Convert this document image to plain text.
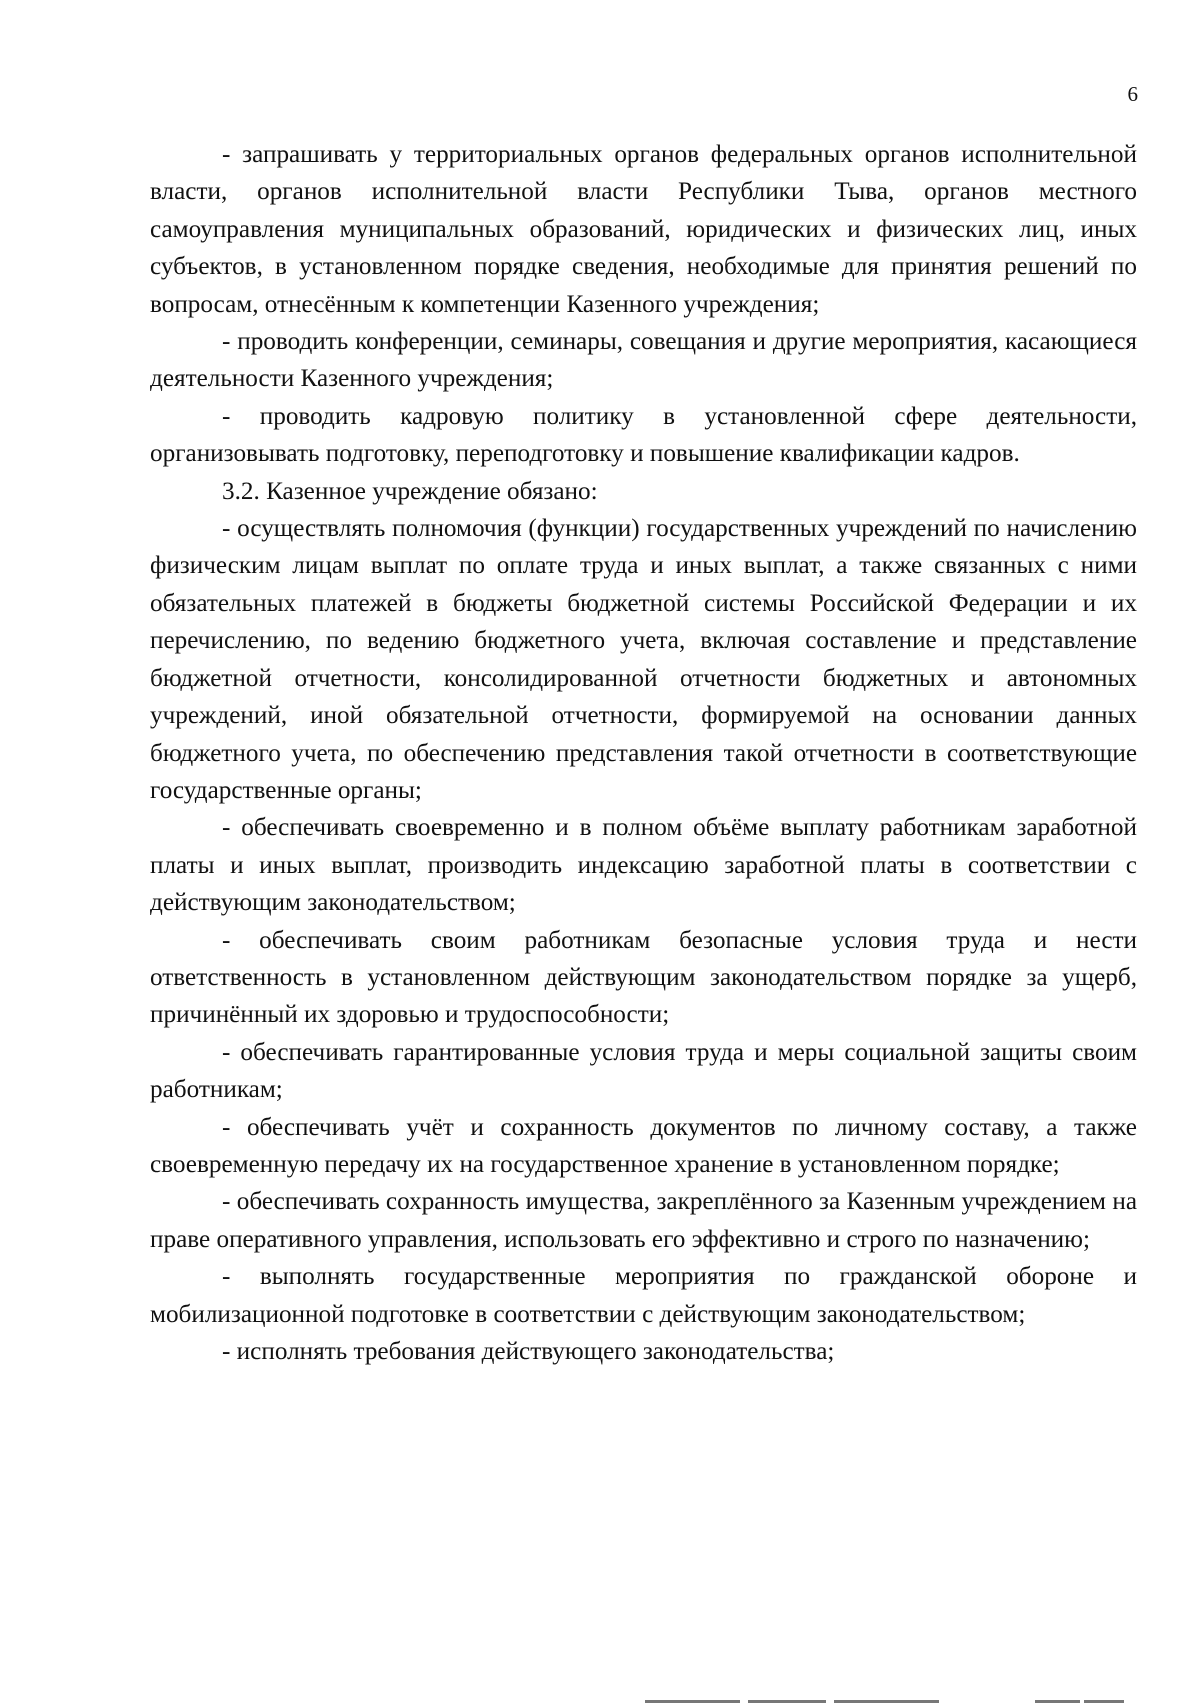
6

- запрашивать у территориальных органов федеральных органов исполнительной власти, органов исполнительной власти Республики Тыва, органов местного самоуправления муниципальных образований, юридических и физических лиц, иных субъектов, в установленном порядке сведения, необходимые для принятия решений по вопросам, отнесённым к компетенции Казенного учреждения;

- проводить конференции, семинары, совещания и другие мероприятия, касающиеся деятельности Казенного учреждения;

- проводить кадровую политику в установленной сфере деятельности, организовывать подготовку, переподготовку и повышение квалификации кадров.

3.2. Казенное учреждение обязано:

- осуществлять полномочия (функции) государственных учреждений по начислению физическим лицам выплат по оплате труда и иных выплат, а также связанных с ними обязательных платежей в бюджеты бюджетной системы Российской Федерации и их перечислению, по ведению бюджетного учета, включая составление и представление бюджетной отчетности, консолидированной отчетности бюджетных и автономных учреждений, иной обязательной отчетности, формируемой на основании данных бюджетного учета, по обеспечению представления такой отчетности в соответствующие государственные органы;

- обеспечивать своевременно и в полном объёме выплату работникам заработной платы и иных выплат, производить индексацию заработной платы в соответствии с действующим законодательством;

- обеспечивать своим работникам безопасные условия труда и нести ответственность в установленном действующим законодательством порядке за ущерб, причинённый их здоровью и трудоспособности;

- обеспечивать гарантированные условия труда и меры социальной защиты своим работникам;

- обеспечивать учёт и сохранность документов по личному составу, а также своевременную передачу их на государственное хранение в установленном порядке;

- обеспечивать сохранность имущества, закреплённого за Казенным учреждением на праве оперативного управления, использовать его эффективно и строго по назначению;

- выполнять государственные мероприятия по гражданской обороне и мобилизационной подготовке в соответствии с действующим законодательством;

- исполнять требования действующего законодательства;
